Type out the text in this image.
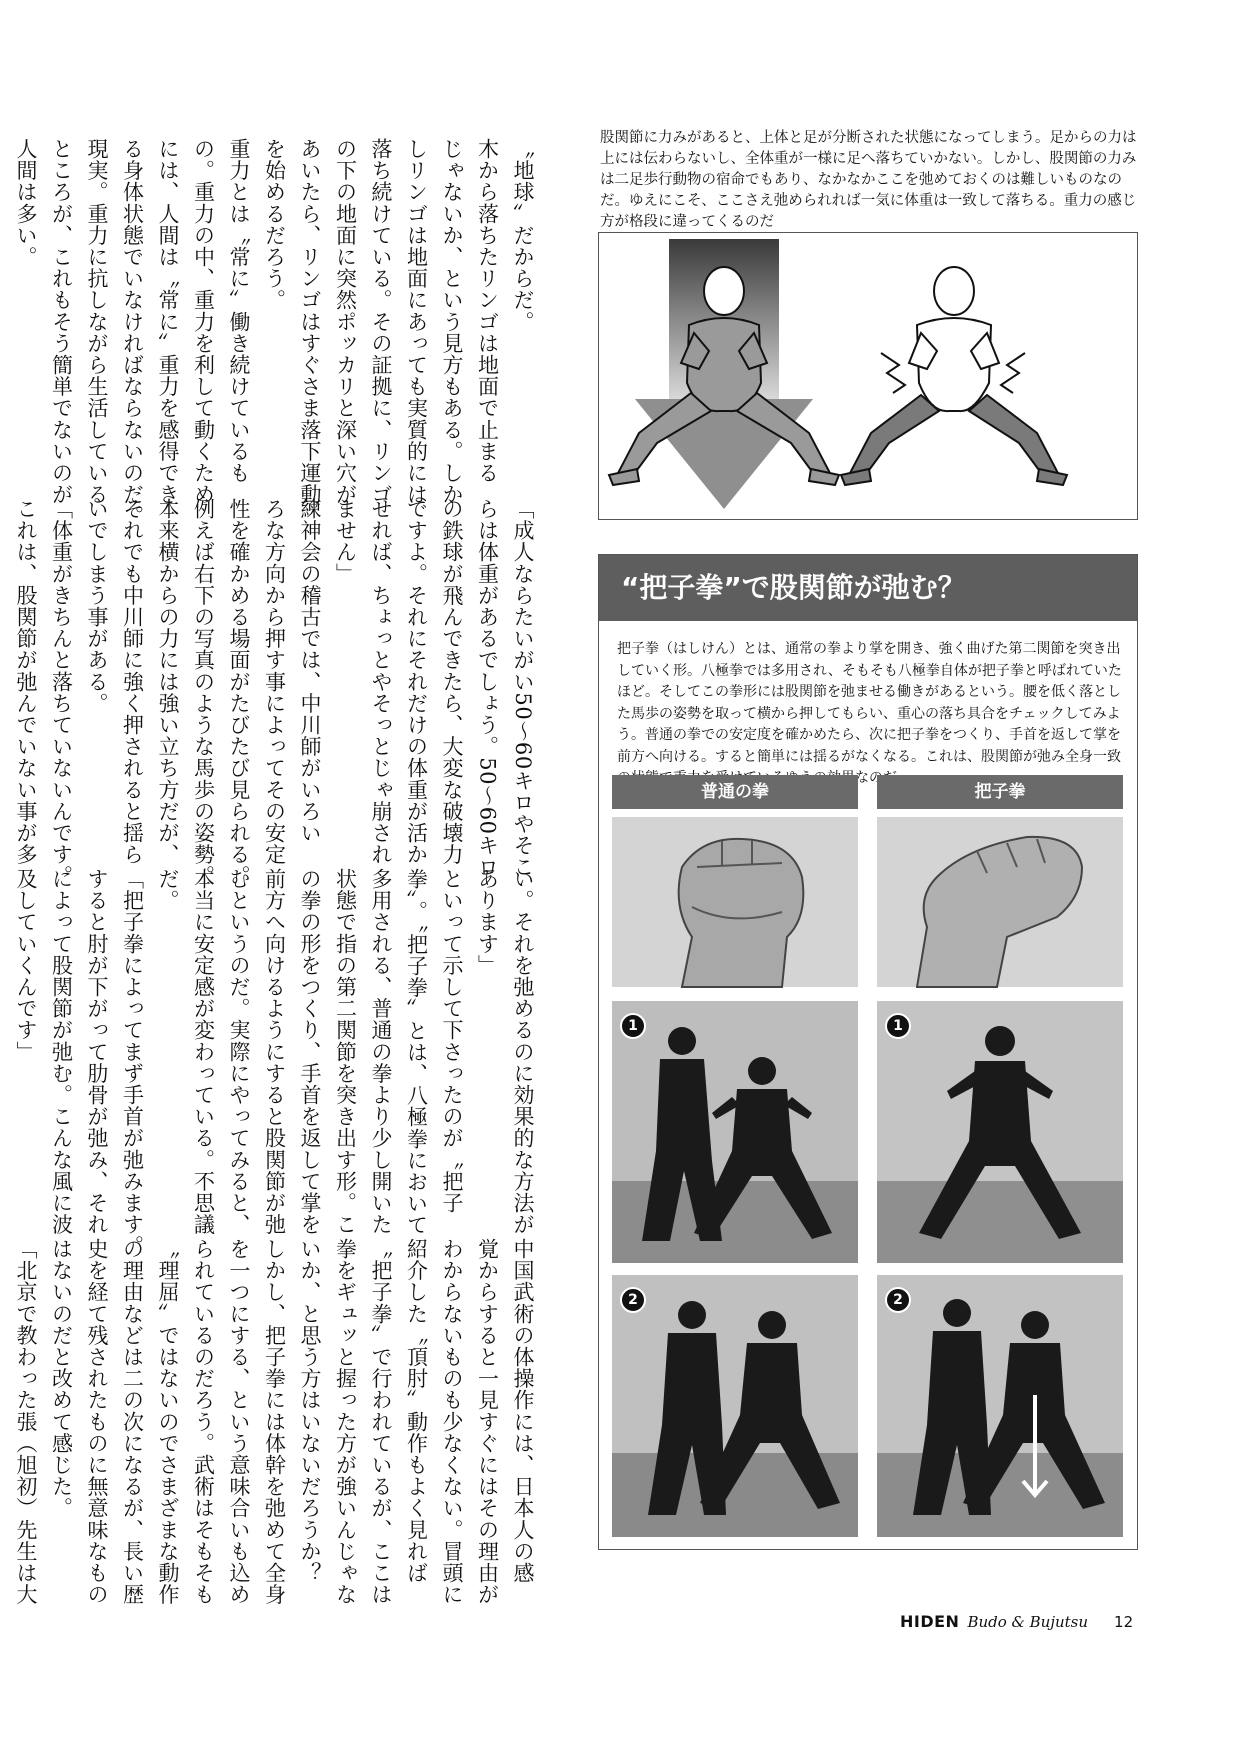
〝地球〟だからだ。
木から落ちたリンゴは地面で止まる
じゃないか、という見方もある。しか
しリンゴは地面にあっても実質的には
落ち続けている。その証拠に、リンゴ
の下の地面に突然ポッカリと深い穴が
あいたら、リンゴはすぐさま落下運動
を始めるだろう。
重力とは〝常に〟働き続けているも
の。重力の中、重力を利して動くため
には、人間は〝常に〟重力を感得でき
る身体状態でいなければならないのだ。
現実。重力に抗しながら生活している
ところが、これもそう簡単でないのが
人間は多い。
「成人ならたいがい50〜60キロやそこ
らは体重があるでしょう。50〜60キロ
の鉄球が飛んできたら、大変な破壊力
ですよ。それにそれだけの体重が活か
せれば、ちょっとやそっとじゃ崩され
ません」
練神会の稽古では、中川師がいろい
ろな方向から押す事によってその安定
性を確かめる場面がたびたび見られる。
例えば右下の写真のような馬歩の姿勢。
本来横からの力には強い立ち方だが、
それでも中川師に強く押されると揺ら
いでしまう事がある。
「体重がきちんと落ちていないんです。
これは、股関節が弛んでいない事が多
い。それを弛めるのに効果的な方法が
あります」
といって示して下さったのが〝把子
拳〟。〝把子拳〟とは、八極拳において
多用される、普通の拳より少し開いた
状態で指の第二関節を突き出す形。こ
の拳の形をつくり、手首を返して掌を
前方へ向けるようにすると股関節が弛
むというのだ。実際にやってみると、
本当に安定感が変わっている。不思議
だ。
「把子拳によってまず手首が弛みます。
すると肘が下がって肋骨が弛み、それ
によって股関節が弛む。こんな風に波
及していくんです」
中国武術の体操作には、日本人の感
覚からすると一見すぐにはその理由が
わからないものも少なくない。冒頭に
紹介した〝頂肘〟動作もよく見れば
〝把子拳〟で行われているが、ここは
拳をギュッと握った方が強いんじゃな
いか、と思う方はいないだろうか？
しかし、把子拳には体幹を弛めて全身
を一つにする、という意味合いも込め
られているのだろう。武術はそもそも
〝理屈〟ではないのでさまざまな動作
の理由などは二の次になるが、長い歴
史を経て残されたものに無意味なもの
はないのだと改めて感じた。
「北京で教わった張（旭初）先生は大
股関節に力みがあると、上体と足が分断された状態になってしまう。足からの力は上には伝わらないし、全体重が一様に足へ落ちていかない。しかし、股関節の力みは二足歩行動物の宿命でもあり、なかなかここを弛めておくのは難しいものなのだ。ゆえにこそ、ここさえ弛められれば一気に体重は一致して落ちる。重力の感じ方が格段に違ってくるのだ
“把子拳”で股関節が弛む？
把子拳（はしけん）とは、通常の拳より掌を開き、強く曲げた第二関節を突き出していく形。八極拳では多用され、そもそも八極拳自体が把子拳と呼ばれていたほど。そしてこの拳形には股関節を弛ませる働きがあるという。腰を低く落とした馬歩の姿勢を取って横から押してもらい、重心の落ち具合をチェックしてみよう。普通の拳での安定度を確かめたら、次に把子拳をつくり、手首を返して掌を前方へ向ける。すると簡単には揺るがなくなる。これは、股関節が弛み全身一致 果なのだ
普通の拳	把子拳
1	1
2	2
HIDEN Budo & Bujutsu 12
